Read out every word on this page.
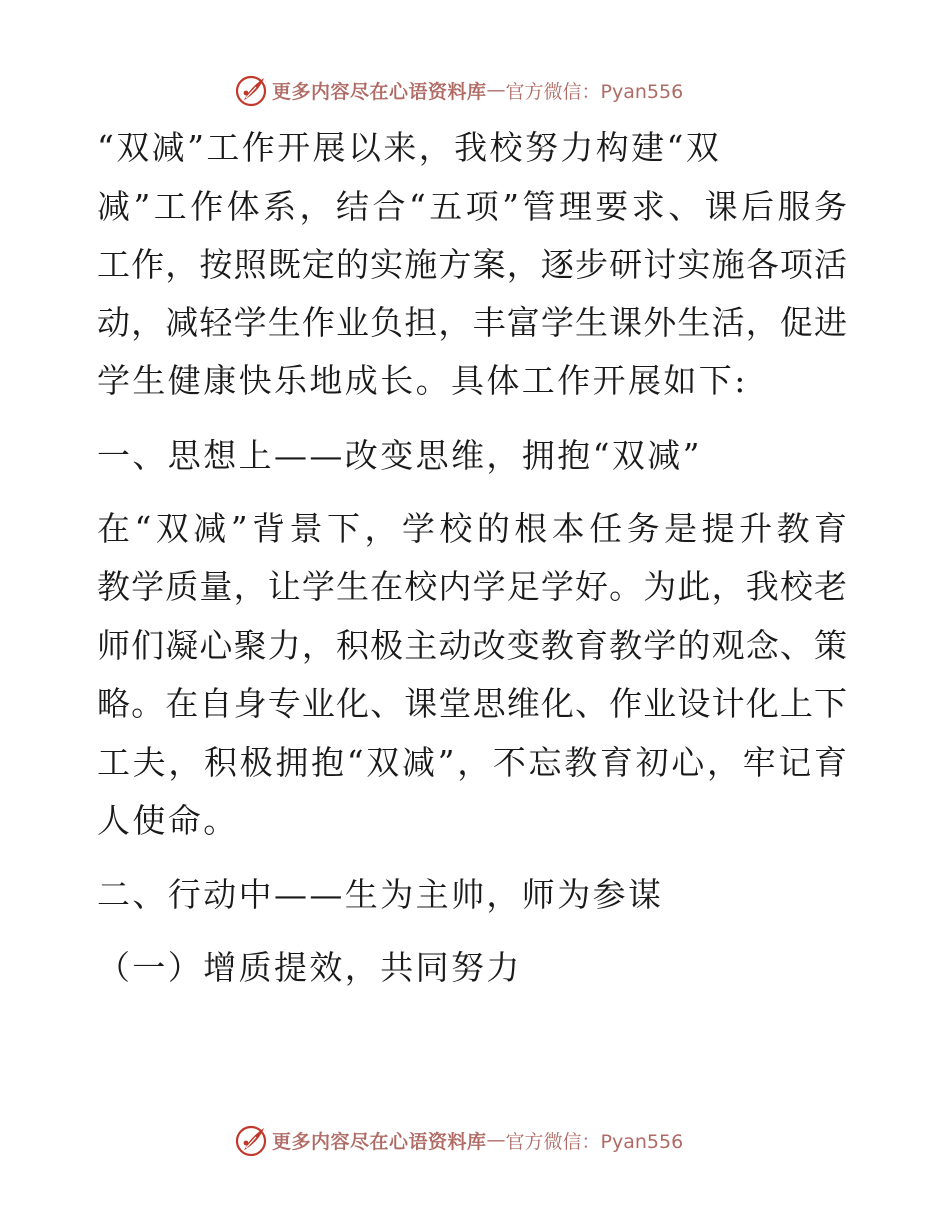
更多内容尽在心语资料库 — 官方微信：Pyan556
“双减”工作开展以来，我校努力构建“双
减”工作体系，结合“五项”管理要求、课后服务
工作，按照既定的实施方案，逐步研讨实施各项活
动，减轻学生作业负担，丰富学生课外生活，促进
学生健康快乐地成长。具体工作开展如下:
一、思想上——改变思维，拥抱“双减”
在“双减”背景下，学校的根本任务是提升教育
教学质量，让学生在校内学足学好。为此，我校老
师们凝心聚力，积极主动改变教育教学的观念、策
略。在自身专业化、课堂思维化、作业设计化上下
工夫，积极拥抱“双减”，不忘教育初心，牢记育
人使命。
二、行动中——生为主帅，师为参谋
（一）增质提效，共同努力
更多内容尽在心语资料库 — 官方微信：Pyan556
